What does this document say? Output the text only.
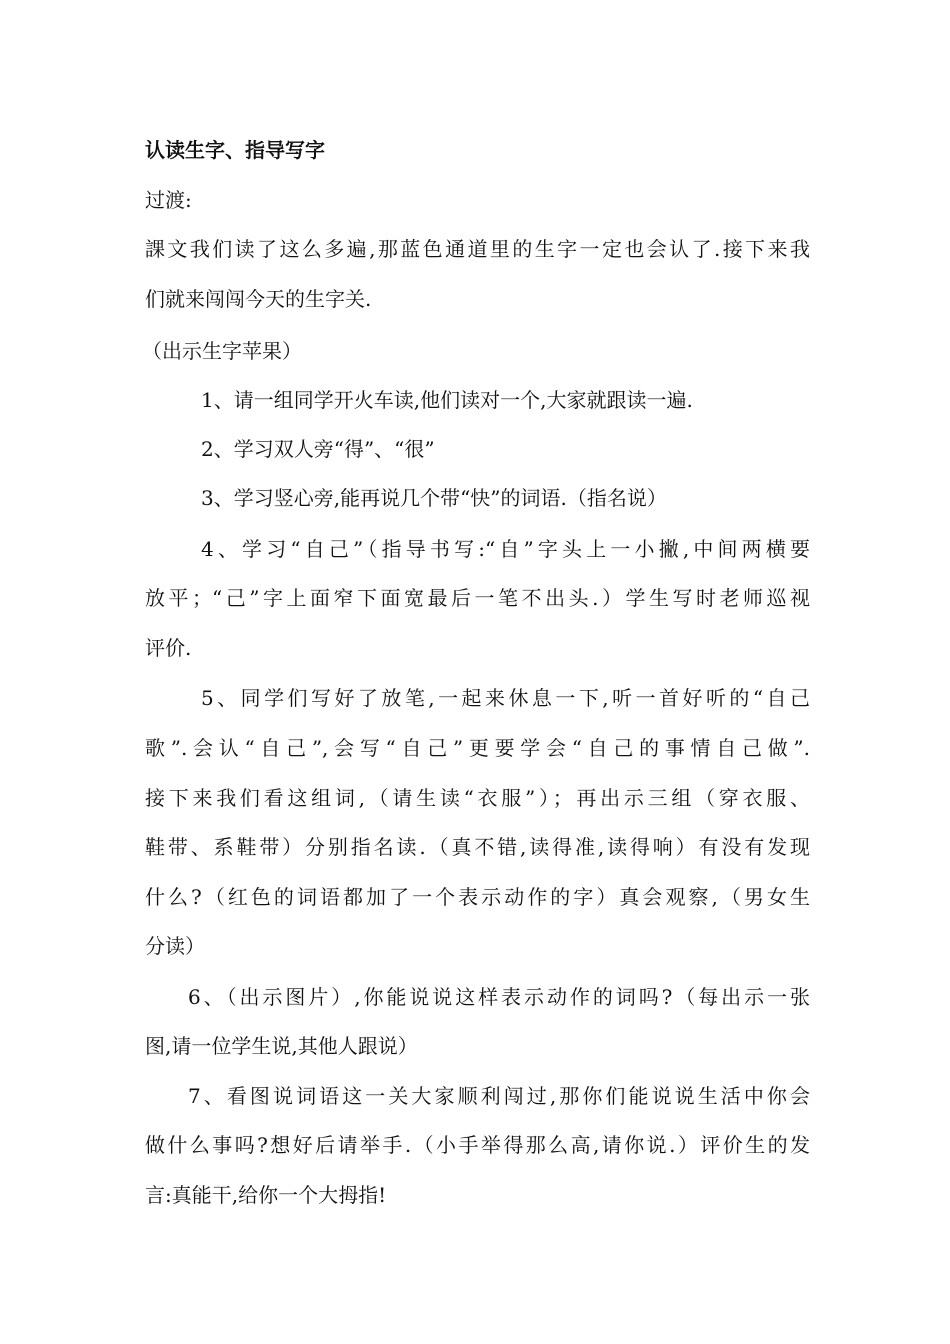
认读生字、指导写字
过渡:
課文我们读了这么多遍,那蓝色通道里的生字一定也会认了.接下来我
们就来闯闯今天的生字关.
（出示生字苹果）
1、请一组同学开火车读,他们读对一个,大家就跟读一遍.
2、学习双人旁“得”、“很”
3、学习竖心旁,能再说几个带“快”的词语.（指名说）
4、学习“自己”（指导书写:“自”字头上一小撇,中间两横要
放平；“己”字上面窄下面宽最后一笔不出头.）学生写时老师巡视
评价.
5、同学们写好了放笔,一起来休息一下,听一首好听的“自己
歌”.会认“自己”,会写“自己”更要学会“自己的事情自己做”.
接下来我们看这组词,（请生读“衣服”）；再出示三组（穿衣服、
鞋带、系鞋带）分别指名读.（真不错,读得准,读得响）有没有发现
什么?（红色的词语都加了一个表示动作的字）真会观察,（男女生
分读）
6、（出示图片）,你能说说这样表示动作的词吗?（每出示一张
图,请一位学生说,其他人跟说）
7、看图说词语这一关大家顺利闯过,那你们能说说生活中你会
做什么事吗?想好后请举手.（小手举得那么高,请你说.）评价生的发
言:真能干,给你一个大拇指!
